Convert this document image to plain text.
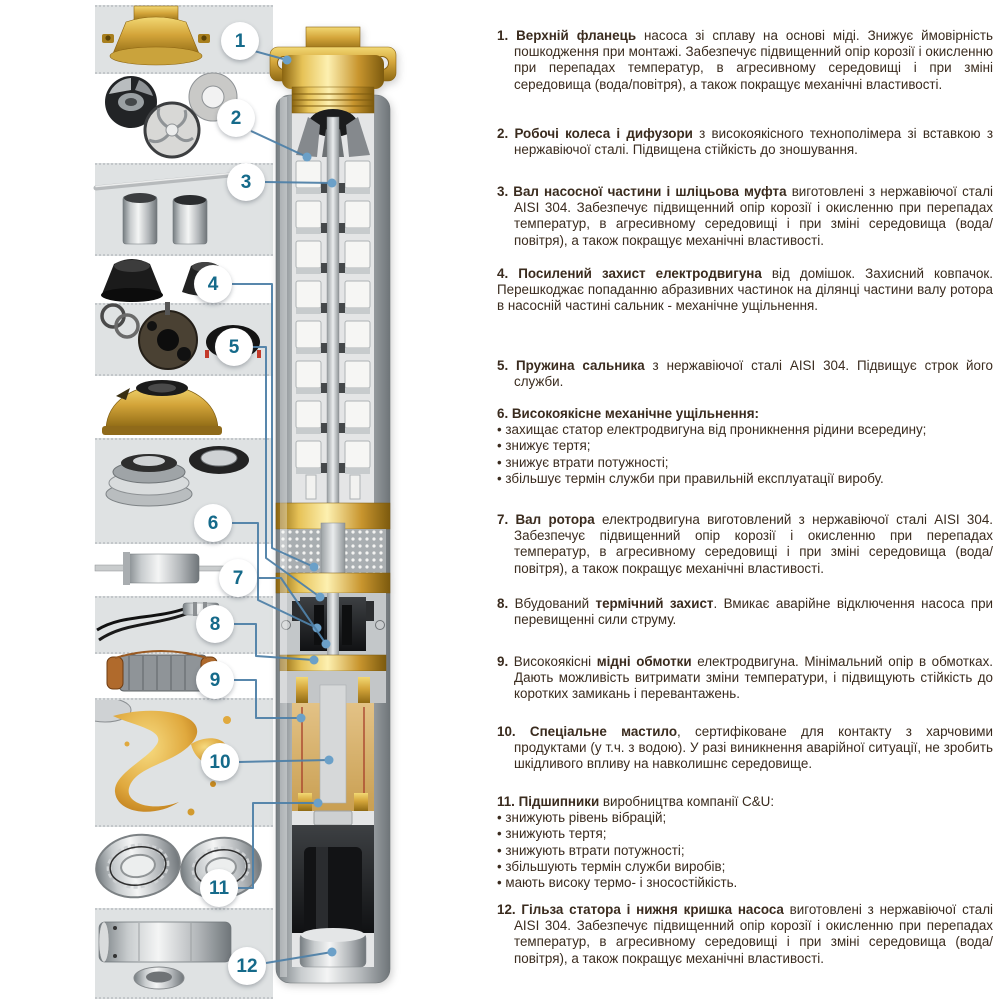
1
2
3
4
5
6
7
8
9
10
11
12

1. Верхній фланець насоса зі сплаву на основі міді. Знижує ймовірність пошкодження при монтажі. Забезпечує підвищенний опір корозії і окисленню при перепадах температур, в агресивному середовищі і при зміні середовища (вода/повітря), а також покращує механічні властивості.

2. Робочі колеса і дифузори з високоякісного технополімера зі вставкою з нержавіючої сталі. Підвищена стійкість до зношування.

3. Вал насосної частини і шліцьова муфта виготовлені з нержавіючої сталі AISI 304. Забезпечує підвищенний опір корозії і окисленню при перепадах температур, в агресивному середовищі і при зміні середовища (вода/повітря), а також покращує механічні властивості.

4. Посилений захист електродвигуна від домішок. Захисний ковпачок. Перешкоджає попаданню абразивних частинок на ділянці частини валу ротора в насосній частині сальник - механічне ущільнення.

5. Пружина сальника з нержавіючої сталі AISI 304. Підвищує строк його служби.

6. Високоякісне механічне ущільнення:

• захищає статор електродвигуна від проникнення рідини всередину;
• знижує тертя;
• знижує втрати потужності;
• збільшує термін служби при правильній експлуатації виробу.

7. Вал ротора електродвигуна виготовлений з нержавіючої сталі AISI 304. Забезпечує підвищенний опір корозії і окисленню при перепадах температур, в агресивному середовищі і при зміні середовища (вода/повітря), а також покращує механічні властивості.

8. Вбудований термічний захист. Вмикає аварійне відключення насоса при перевищенні сили струму.

9. Високоякісні мідні обмотки електродвигуна. Мінімальний опір в обмотках. Дають можливість витримати зміни температури, і підвищують стійкість до коротких замикань і перевантажень.

10. Спеціальне мастило, сертифіковане для контакту з харчовими продуктами (у т.ч. з водою). У разі виникнення аварійної ситуації, не зробить шкідливого впливу на навколишнє середовище.

11. Підшипники виробництва компанії C&U:

• знижують рівень вібрацій;
• знижують тертя;
• знижують втрати потужності;
• збільшують термін служби виробів;
• мають високу термо- і зносостійкість.

12. Гільза статора і нижня кришка насоса виготовлені з нержавіючої сталі AISI 304. Забезпечує підвищенний опір корозії і окисленню при перепадах температур, в агресивному середовищі і при зміні середовища (вода/повітря), а також покращує механічні властивості.
